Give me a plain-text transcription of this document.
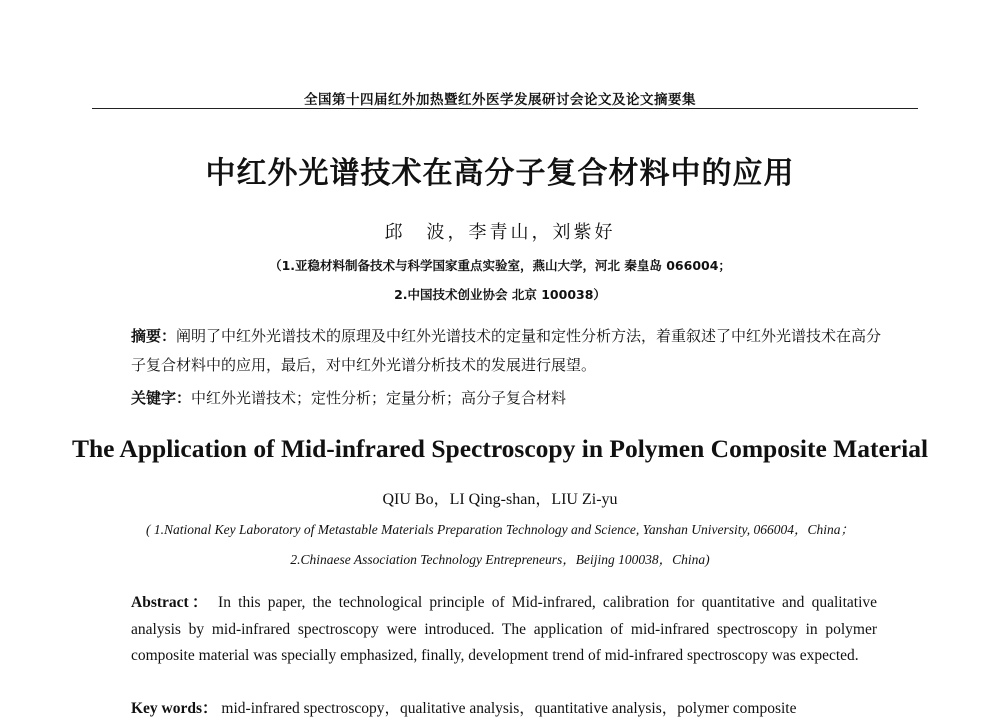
全国第十四届红外加热暨红外医学发展研讨会论文及论文摘要集
中红外光谱技术在高分子复合材料中的应用
邱　波，李青山，刘紫好
（1.亚稳材料制备技术与科学国家重点实验室，燕山大学，河北 秦皇岛 066004；
2.中国技术创业协会 北京 100038）
摘要：阐明了中红外光谱技术的原理及中红外光谱技术的定量和定性分析方法，着重叙述了中红外光谱技术在高分子复合材料中的应用，最后，对中红外光谱分析技术的发展进行展望。
关键字：中红外光谱技术；定性分析；定量分析；高分子复合材料
The Application of Mid-infrared Spectroscopy in Polymen Composite Material
QIU Bo，LI Qing-shan，LIU Zi-yu
( 1.National Key Laboratory of Metastable Materials Preparation Technology and Science, Yanshan University, 066004，China；
2.Chinaese Association Technology Entrepreneurs，Beijing 100038，China)
Abstract： In this paper, the technological principle of Mid-infrared, calibration for quantitative and qualitative analysis by mid-infrared spectroscopy were introduced. The application of mid-infrared spectroscopy in polymer composite material was specially emphasized, finally, development trend of mid-infrared spectroscopy was expected.
Key words： mid-infrared spectroscopy，qualitative analysis，quantitative analysis，polymer composite
